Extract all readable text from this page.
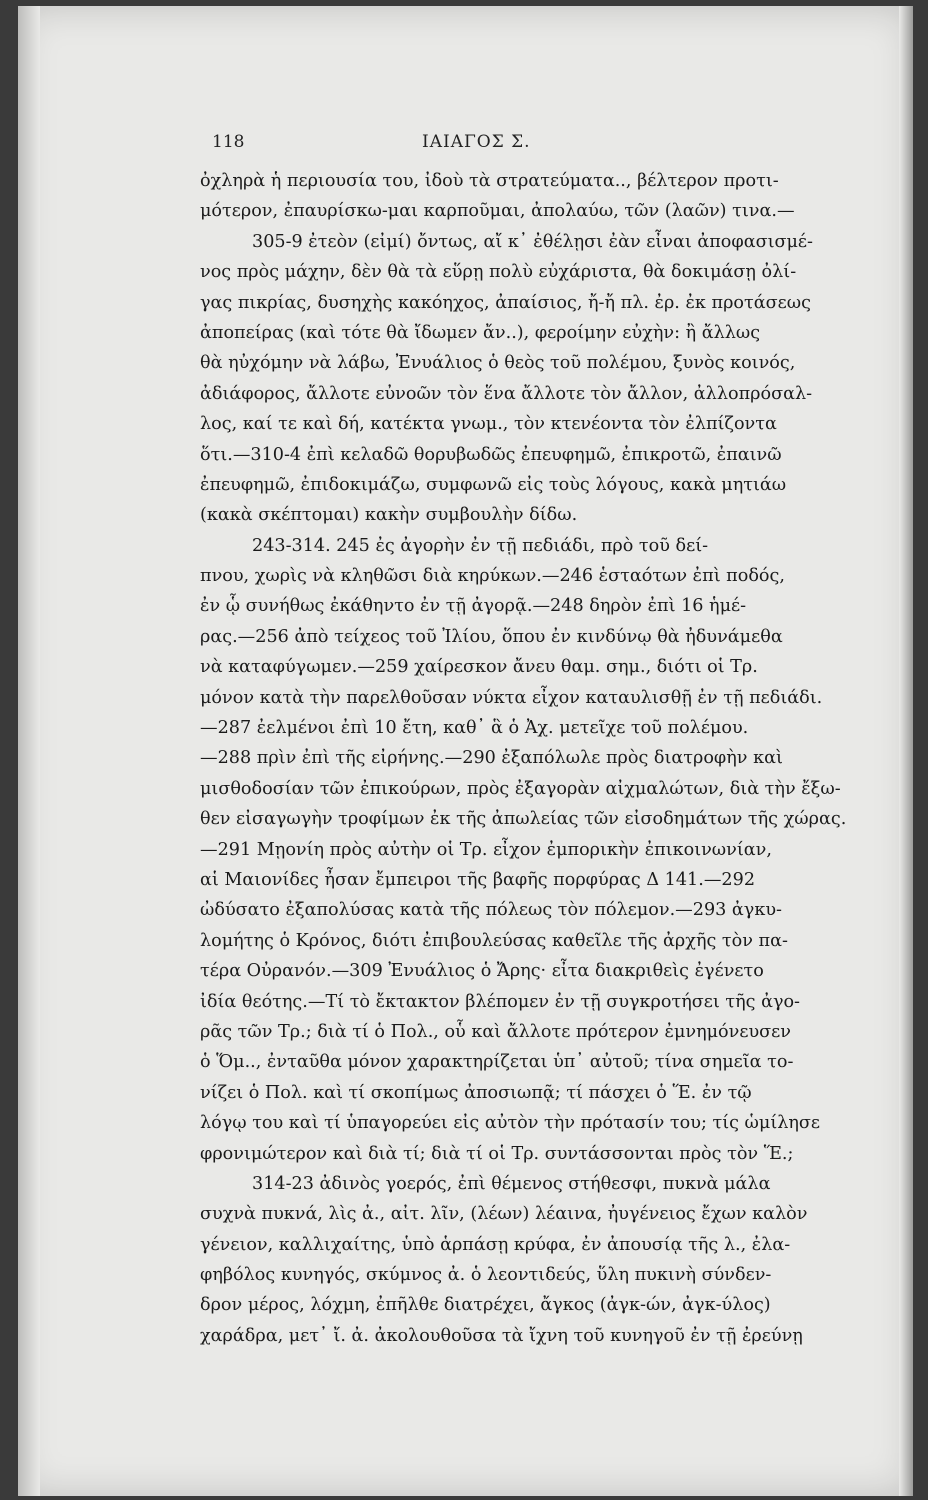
118	ΙΑΙΑΓΟΣ Σ.
ὀχληρὰ ἡ περιουσία του, ἰδοὺ τὰ στρατεύματα.., βέλτερον προτι-
μότερον, ἐπαυρίσκω-μαι καρποῦμαι, ἀπολαύω, τῶν (λαῶν) τινα.—
305-9 ἐτεὸν (εἰμί) ὄντως, αἴ κ᾽ ἐθέλῃσι ἐὰν εἶναι ἀποφασισμέ-
νος πρὸς μάχην, δὲν θὰ τὰ εὕρῃ πολὺ εὐχάριστα, θὰ δοκιμάσῃ ὀλί-
γας πικρίας, δυσηχὴς κακόηχος, ἀπαίσιος, ἤ-ἤ πλ. ἐρ. ἐκ προτάσεως
ἀποπείρας (καὶ τότε θὰ ἴδωμεν ἄν..), φεροίμην εὐχὴν: ἢ ἄλλως
θὰ ηὐχόμην νὰ λάβω, Ἐνυάλιος ὁ θεὸς τοῦ πολέμου, ξυνὸς κοινός,
ἀδιάφορος, ἄλλοτε εὐνοῶν τὸν ἕνα ἄλλοτε τὸν ἄλλον, ἀλλοπρόσαλ-
λος, καί τε καὶ δή, κατέκτα γνωμ., τὸν κτενέοντα τὸν ἐλπίζοντα
ὅτι.—310-4 ἐπὶ κελαδῶ θορυβωδῶς ἐπευφημῶ, ἐπικροτῶ, ἐπαινῶ
ἐπευφημῶ, ἐπιδοκιμάζω, συμφωνῶ εἰς τοὺς λόγους, κακὰ μητιάω
(κακὰ σκέπτομαι) κακὴν συμβουλὴν δίδω.
243-314. 245 ἐς ἀγορὴν ἐν τῇ πεδιάδι, πρὸ τοῦ δεί-
πνου, χωρὶς νὰ κληθῶσι διὰ κηρύκων.—246 ἑσταότων ἐπὶ ποδός,
ἐν ᾧ συνήθως ἐκάθηντο ἐν τῇ ἀγορᾷ.—248 δηρὸν ἐπὶ 16 ἡμέ-
ρας.—256 ἀπὸ τείχεος τοῦ Ἰλίου, ὅπου ἐν κινδύνῳ θὰ ἠδυνάμεθα
νὰ καταφύγωμεν.—259 χαίρεσκον ἄνευ θαμ. σημ., διότι οἱ Τρ.
μόνον κατὰ τὴν παρελθοῦσαν νύκτα εἶχον καταυλισθῇ ἐν τῇ πεδιάδι.
—287 ἐελμένοι ἐπὶ 10 ἔτη, καθ᾽ ἃ ὁ Ἀχ. μετεῖχε τοῦ πολέμου.
—288 πρὶν ἐπὶ τῆς εἰρήνης.—290 ἐξαπόλωλε πρὸς διατροφὴν καὶ
μισθοδοσίαν τῶν ἐπικούρων, πρὸς ἐξαγορὰν αἰχμαλώτων, διὰ τὴν ἔξω-
θεν εἰσαγωγὴν τροφίμων ἐκ τῆς ἀπωλείας τῶν εἰσοδημάτων τῆς χώρας.
—291 Μῃονίη πρὸς αὐτὴν οἱ Τρ. εἶχον ἐμπορικὴν ἐπικοινωνίαν,
αἱ Μαιονίδες ἦσαν ἔμπειροι τῆς βαφῆς πορφύρας Δ 141.—292
ὠδύσατο ἐξαπολύσας κατὰ τῆς πόλεως τὸν πόλεμον.—293 ἀγκυ-
λομήτης ὁ Κρόνος, διότι ἐπιβουλεύσας καθεῖλε τῆς ἀρχῆς τὸν πα-
τέρα Οὐρανόν.—309 Ἐνυάλιος ὁ Ἄρης· εἶτα διακριθεὶς ἐγένετο
ἰδία θεότης.—Τί τὸ ἔκτακτον βλέπομεν ἐν τῇ συγκροτήσει τῆς ἀγο-
ρᾶς τῶν Τρ.; διὰ τί ὁ Πολ., οὗ καὶ ἄλλοτε πρότερον ἐμνημόνευσεν
ὁ Ὅμ.., ἐνταῦθα μόνον χαρακτηρίζεται ὑπ᾽ αὐτοῦ; τίνα σημεῖα το-
νίζει ὁ Πολ. καὶ τί σκοπίμως ἀποσιωπᾷ; τί πάσχει ὁ Ἕ. ἐν τῷ
λόγῳ του καὶ τί ὑπαγορεύει εἰς αὐτὸν τὴν πρότασίν του; τίς ὡμίλησε
φρονιμώτερον καὶ διὰ τί; διὰ τί οἱ Τρ. συντάσσονται πρὸς τὸν Ἕ.;
314-23 ἀδινὸς γοερός, ἐπὶ θέμενος στήθεσφι, πυκνὰ μάλα
συχνὰ πυκνά, λὶς ἀ., αἰτ. λῖν, (λέων) λέαινα, ἠυγένειος ἔχων καλὸν
γένειον, καλλιχαίτης, ὑπὸ ἁρπάσῃ κρύφα, ἐν ἀπουσίᾳ τῆς λ., ἐλα-
φηβόλος κυνηγός, σκύμνος ἀ. ὁ λεοντιδεύς, ὕλη πυκινὴ σύνδεν-
δρον μέρος, λόχμη, ἐπῆλθε διατρέχει, ἄγκος (ἀγκ-ών, ἀγκ-ύλος)
χαράδρα, μετ᾽ ἴ. ἀ. ἀκολουθοῦσα τὰ ἴχνη τοῦ κυνηγοῦ ἐν τῇ ἐρεύνῃ
